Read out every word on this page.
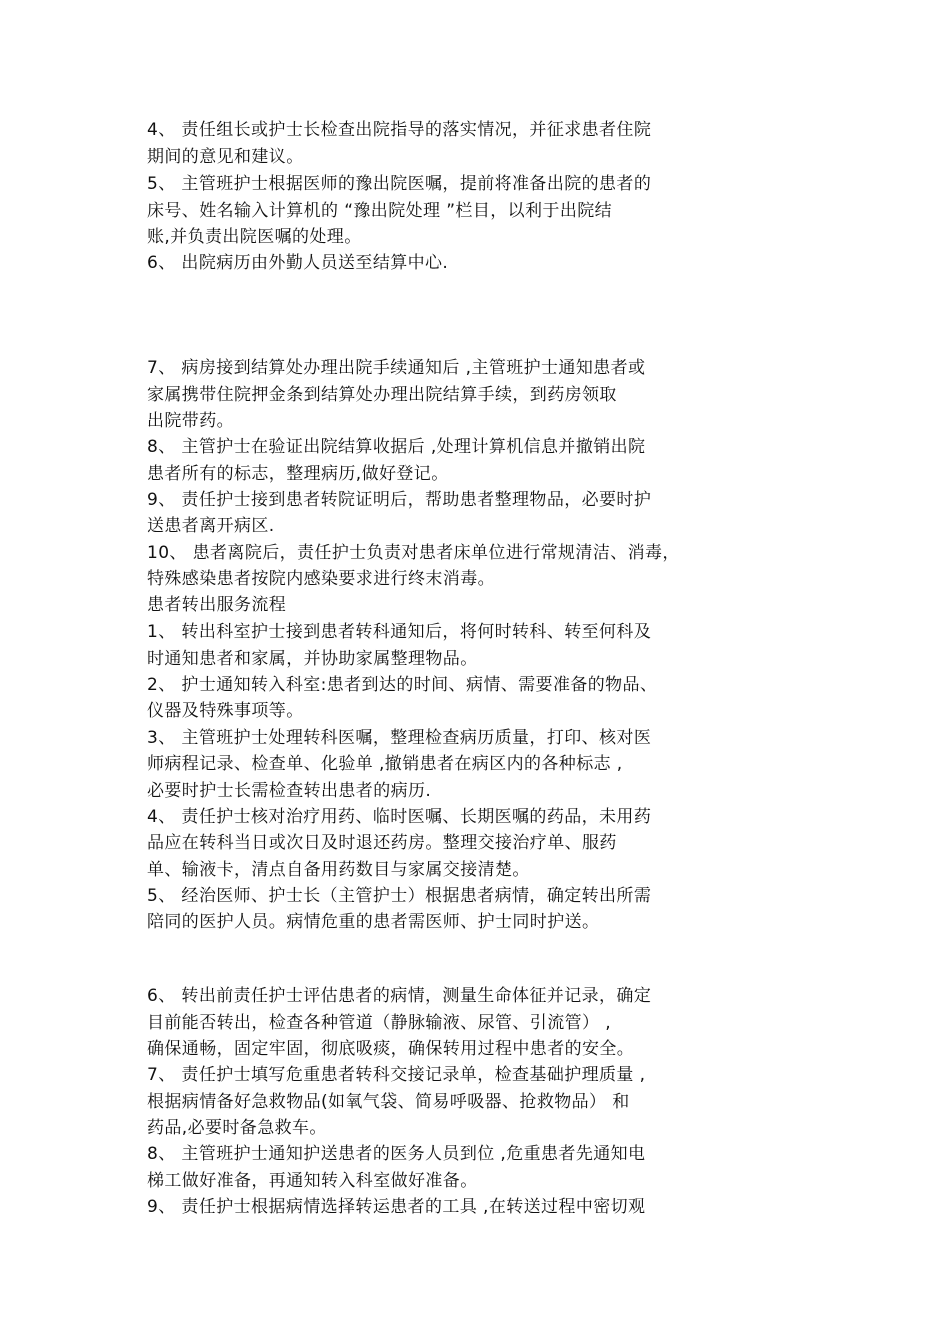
4、 责任组长或护士长检查出院指导的落实情况，并征求患者住院
期间的意见和建议。
5、 主管班护士根据医师的豫出院医嘱，提前将准备出院的患者的
床号、姓名输入计算机的 “豫出院处理 ”栏目，以利于出院结
账,并负责出院医嘱的处理。
6、 出院病历由外勤人员送至结算中心.
7、 病房接到结算处办理出院手续通知后 ,主管班护士通知患者或
家属携带住院押金条到结算处办理出院结算手续，到药房领取
出院带药。
8、 主管护士在验证出院结算收据后 ,处理计算机信息并撤销出院
患者所有的标志，整理病历,做好登记。
9、 责任护士接到患者转院证明后，帮助患者整理物品，必要时护
送患者离开病区.
10、 患者离院后，责任护士负责对患者床单位进行常规清洁、消毒，
特殊感染患者按院内感染要求进行终末消毒。
患者转出服务流程
1、 转出科室护士接到患者转科通知后，将何时转科、转至何科及
时通知患者和家属，并协助家属整理物品。
2、 护士通知转入科室:患者到达的时间、病情、需要准备的物品、
仪器及特殊事项等。
3、 主管班护士处理转科医嘱，整理检查病历质量，打印、核对医
师病程记录、检查单、化验单 ,撤销患者在病区内的各种标志 ,
必要时护士长需检查转出患者的病历.
4、 责任护士核对治疗用药、临时医嘱、长期医嘱的药品，未用药
品应在转科当日或次日及时退还药房。整理交接治疗单、服药
单、输液卡，清点自备用药数目与家属交接清楚。
5、 经治医师、护士长（主管护士）根据患者病情，确定转出所需
陪同的医护人员。病情危重的患者需医师、护士同时护送。
6、 转出前责任护士评估患者的病情，测量生命体征并记录，确定
目前能否转出，检查各种管道（静脉输液、尿管、引流管） ,
确保通畅，固定牢固，彻底吸痰，确保转用过程中患者的安全。
7、 责任护士填写危重患者转科交接记录单，检查基础护理质量 ,
根据病情备好急救物品(如氧气袋、简易呼吸器、抢救物品） 和
药品,必要时备急救车。
8、 主管班护士通知护送患者的医务人员到位 ,危重患者先通知电
梯工做好准备，再通知转入科室做好准备。
9、 责任护士根据病情选择转运患者的工具 ,在转送过程中密切观
